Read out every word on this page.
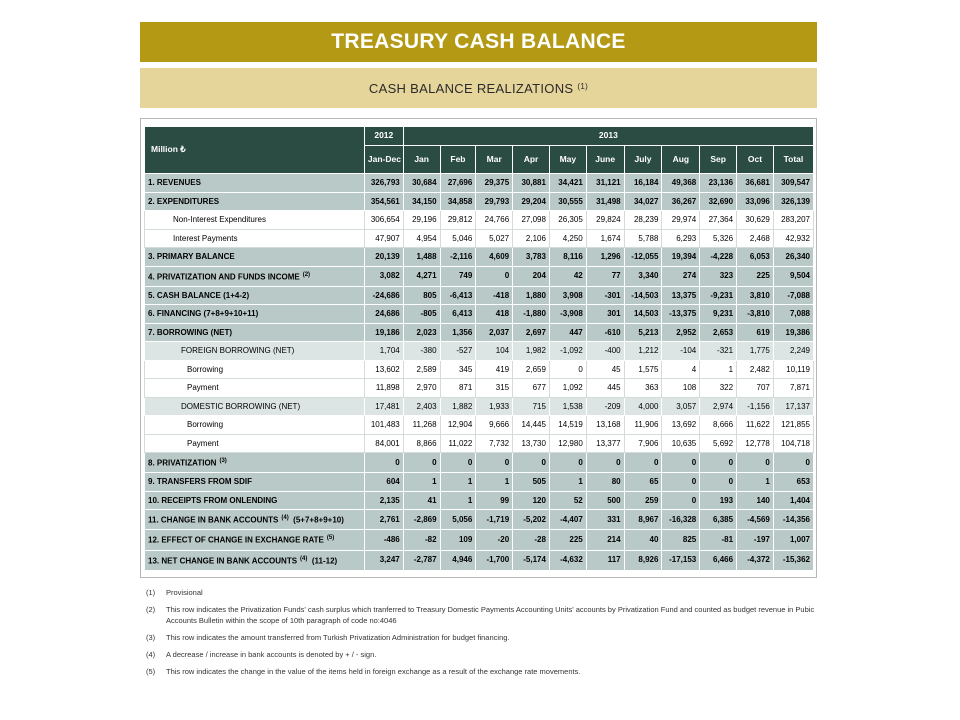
TREASURY CASH BALANCE
CASH BALANCE REALIZATIONS $^{(1)}$
Million ₺	2012	2013										
	Jan-Dec	Jan	Feb	Mar	Apr	May	June	July	Aug	Sep	Oct	Total
1. REVENUES	326,793	30,684	27,696	29,375	30,881	34,421	31,121	16,184	49,368	23,136	36,681	309,547
2. EXPENDITURES	354,561	34,150	34,858	29,793	29,204	30,555	31,498	34,027	36,267	32,690	33,096	326,139
Non-Interest Expenditures	306,654	29,196	29,812	24,766	27,098	26,305	29,824	28,239	29,974	27,364	30,629	283,207
Interest Payments	47,907	4,954	5,046	5,027	2,106	4,250	1,674	5,788	6,293	5,326	2,468	42,932
3. PRIMARY BALANCE	20,139	1,488	-2,116	4,609	3,783	8,116	1,296	-12,055	19,394	-4,228	6,053	26,340
4. PRIVATIZATION AND FUNDS INCOME $^{(2)}$	3,082	4,271	749	0	204	42	77	3,340	274	323	225	9,504
5. CASH BALANCE (1+4-2)	-24,686	805	-6,413	-418	1,880	3,908	-301	-14,503	13,375	-9,231	3,810	-7,088
6. FINANCING (7+8+9+10+11)	24,686	-805	6,413	418	-1,880	-3,908	301	14,503	-13,375	9,231	-3,810	7,088
7. BORROWING (NET)	19,186	2,023	1,356	2,037	2,697	447	-610	5,213	2,952	2,653	619	19,386
FOREIGN BORROWING (NET)	1,704	-380	-527	104	1,982	-1,092	-400	1,212	-104	-321	1,775	2,249
Borrowing	13,602	2,589	345	419	2,659	0	45	1,575	4	1	2,482	10,119
Payment	11,898	2,970	871	315	677	1,092	445	363	108	322	707	7,871
DOMESTIC BORROWING (NET)	17,481	2,403	1,882	1,933	715	1,538	-209	4,000	3,057	2,974	-1,156	17,137
Borrowing	101,483	11,268	12,904	9,666	14,445	14,519	13,168	11,906	13,692	8,666	11,622	121,855
Payment	84,001	8,866	11,022	7,732	13,730	12,980	13,377	7,906	10,635	5,692	12,778	104,718
8. PRIVATIZATION $^{(3)}$	0	0	0	0	0	0	0	0	0	0	0	0
9. TRANSFERS FROM SDIF	604	1	1	1	505	1	80	65	0	0	1	653
10. RECEIPTS FROM ONLENDING	2,135	41	1	99	120	52	500	259	0	193	140	1,404
11. CHANGE IN BANK ACCOUNTS $^{(4)}$  (5+7+8+9+10)	2,761	-2,869	5,056	-1,719	-5,202	-4,407	331	8,967	-16,328	6,385	-4,569	-14,356
12. EFFECT OF CHANGE IN EXCHANGE RATE $^{(5)}$	-486	-82	109	-20	-28	225	214	40	825	-81	-197	1,007
13. NET CHANGE IN BANK ACCOUNTS $^{(4)}$  (11-12)	3,247	-2,787	4,946	-1,700	-5,174	-4,632	117	8,926	-17,153	6,466	-4,372	-15,362
(1)	Provisional
(2)	This row indicates the Privatization Funds' cash surplus which tranferred to Treasury Domestic Payments Accounting Units' accounts by Privatization Fund and counted as budget revenue in Pubic Accounts Bulletin within the scope of 10th paragraph of code no:4046
(3)	This row indicates the amount transferred from Turkish Privatization Administration for budget financing.
(4)	A decrease / increase in bank accounts is denoted by + / - sign.
(5)	This row indicates the change in the value of the items held in foreign exchange as a result of the exchange rate movements.
